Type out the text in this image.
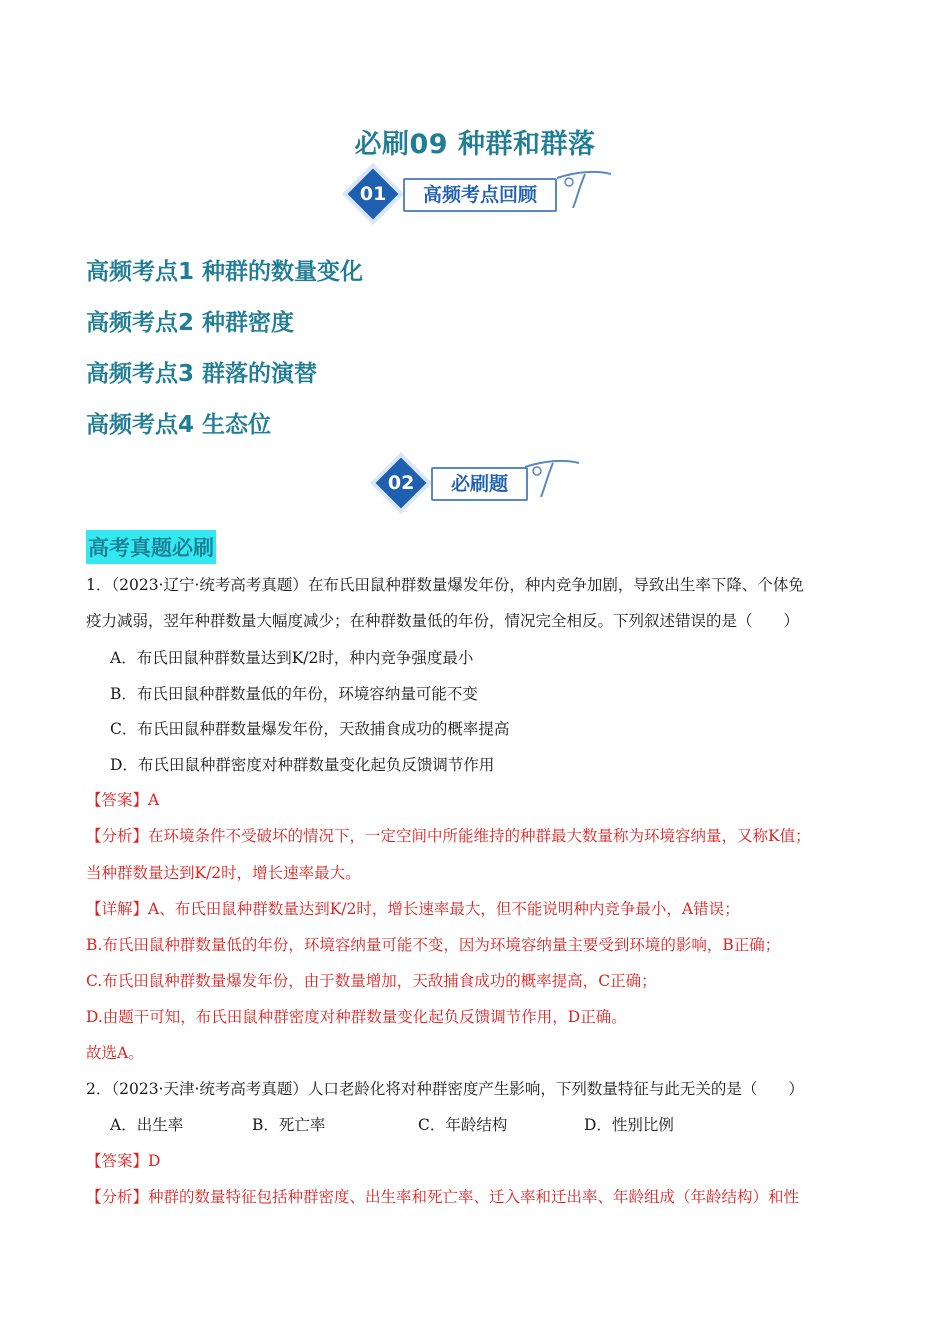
必刷09 种群和群落
01	高频考点回顾
高频考点1 种群的数量变化
高频考点2 种群密度
高频考点3 群落的演替
高频考点4 生态位
02	必刷题
高考真题必刷
1．（2023·辽宁·统考高考真题）在布氏田鼠种群数量爆发年份，种内竞争加剧，导致出生率下降、个体免
疫力减弱，翌年种群数量大幅度减少；在种群数量低的年份，情况完全相反。下列叙述错误的是（　　）
A．布氏田鼠种群数量达到K/2时，种内竞争强度最小
B．布氏田鼠种群数量低的年份，环境容纳量可能不变
C．布氏田鼠种群数量爆发年份，天敌捕食成功的概率提高
D．布氏田鼠种群密度对种群数量变化起负反馈调节作用
【答案】A
【分析】在环境条件不受破坏的情况下，一定空间中所能维持的种群最大数量称为环境容纳量，又称K值；
当种群数量达到K/2时，增长速率最大。
【详解】A、布氏田鼠种群数量达到K/2时，增长速率最大，但不能说明种内竞争最小，A错误；
B.布氏田鼠种群数量低的年份，环境容纳量可能不变，因为环境容纳量主要受到环境的影响，B正确；
C.布氏田鼠种群数量爆发年份，由于数量增加，天敌捕食成功的概率提高，C正确；
D.由题干可知，布氏田鼠种群密度对种群数量变化起负反馈调节作用，D正确。
故选A。
2．（2023·天津·统考高考真题）人口老龄化将对种群密度产生影响，下列数量特征与此无关的是（　　）
A．出生率	B．死亡率	C．年龄结构	D．性别比例
【答案】D
【分析】种群的数量特征包括种群密度、出生率和死亡率、迁入率和迁出率、年龄组成（年龄结构）和性
